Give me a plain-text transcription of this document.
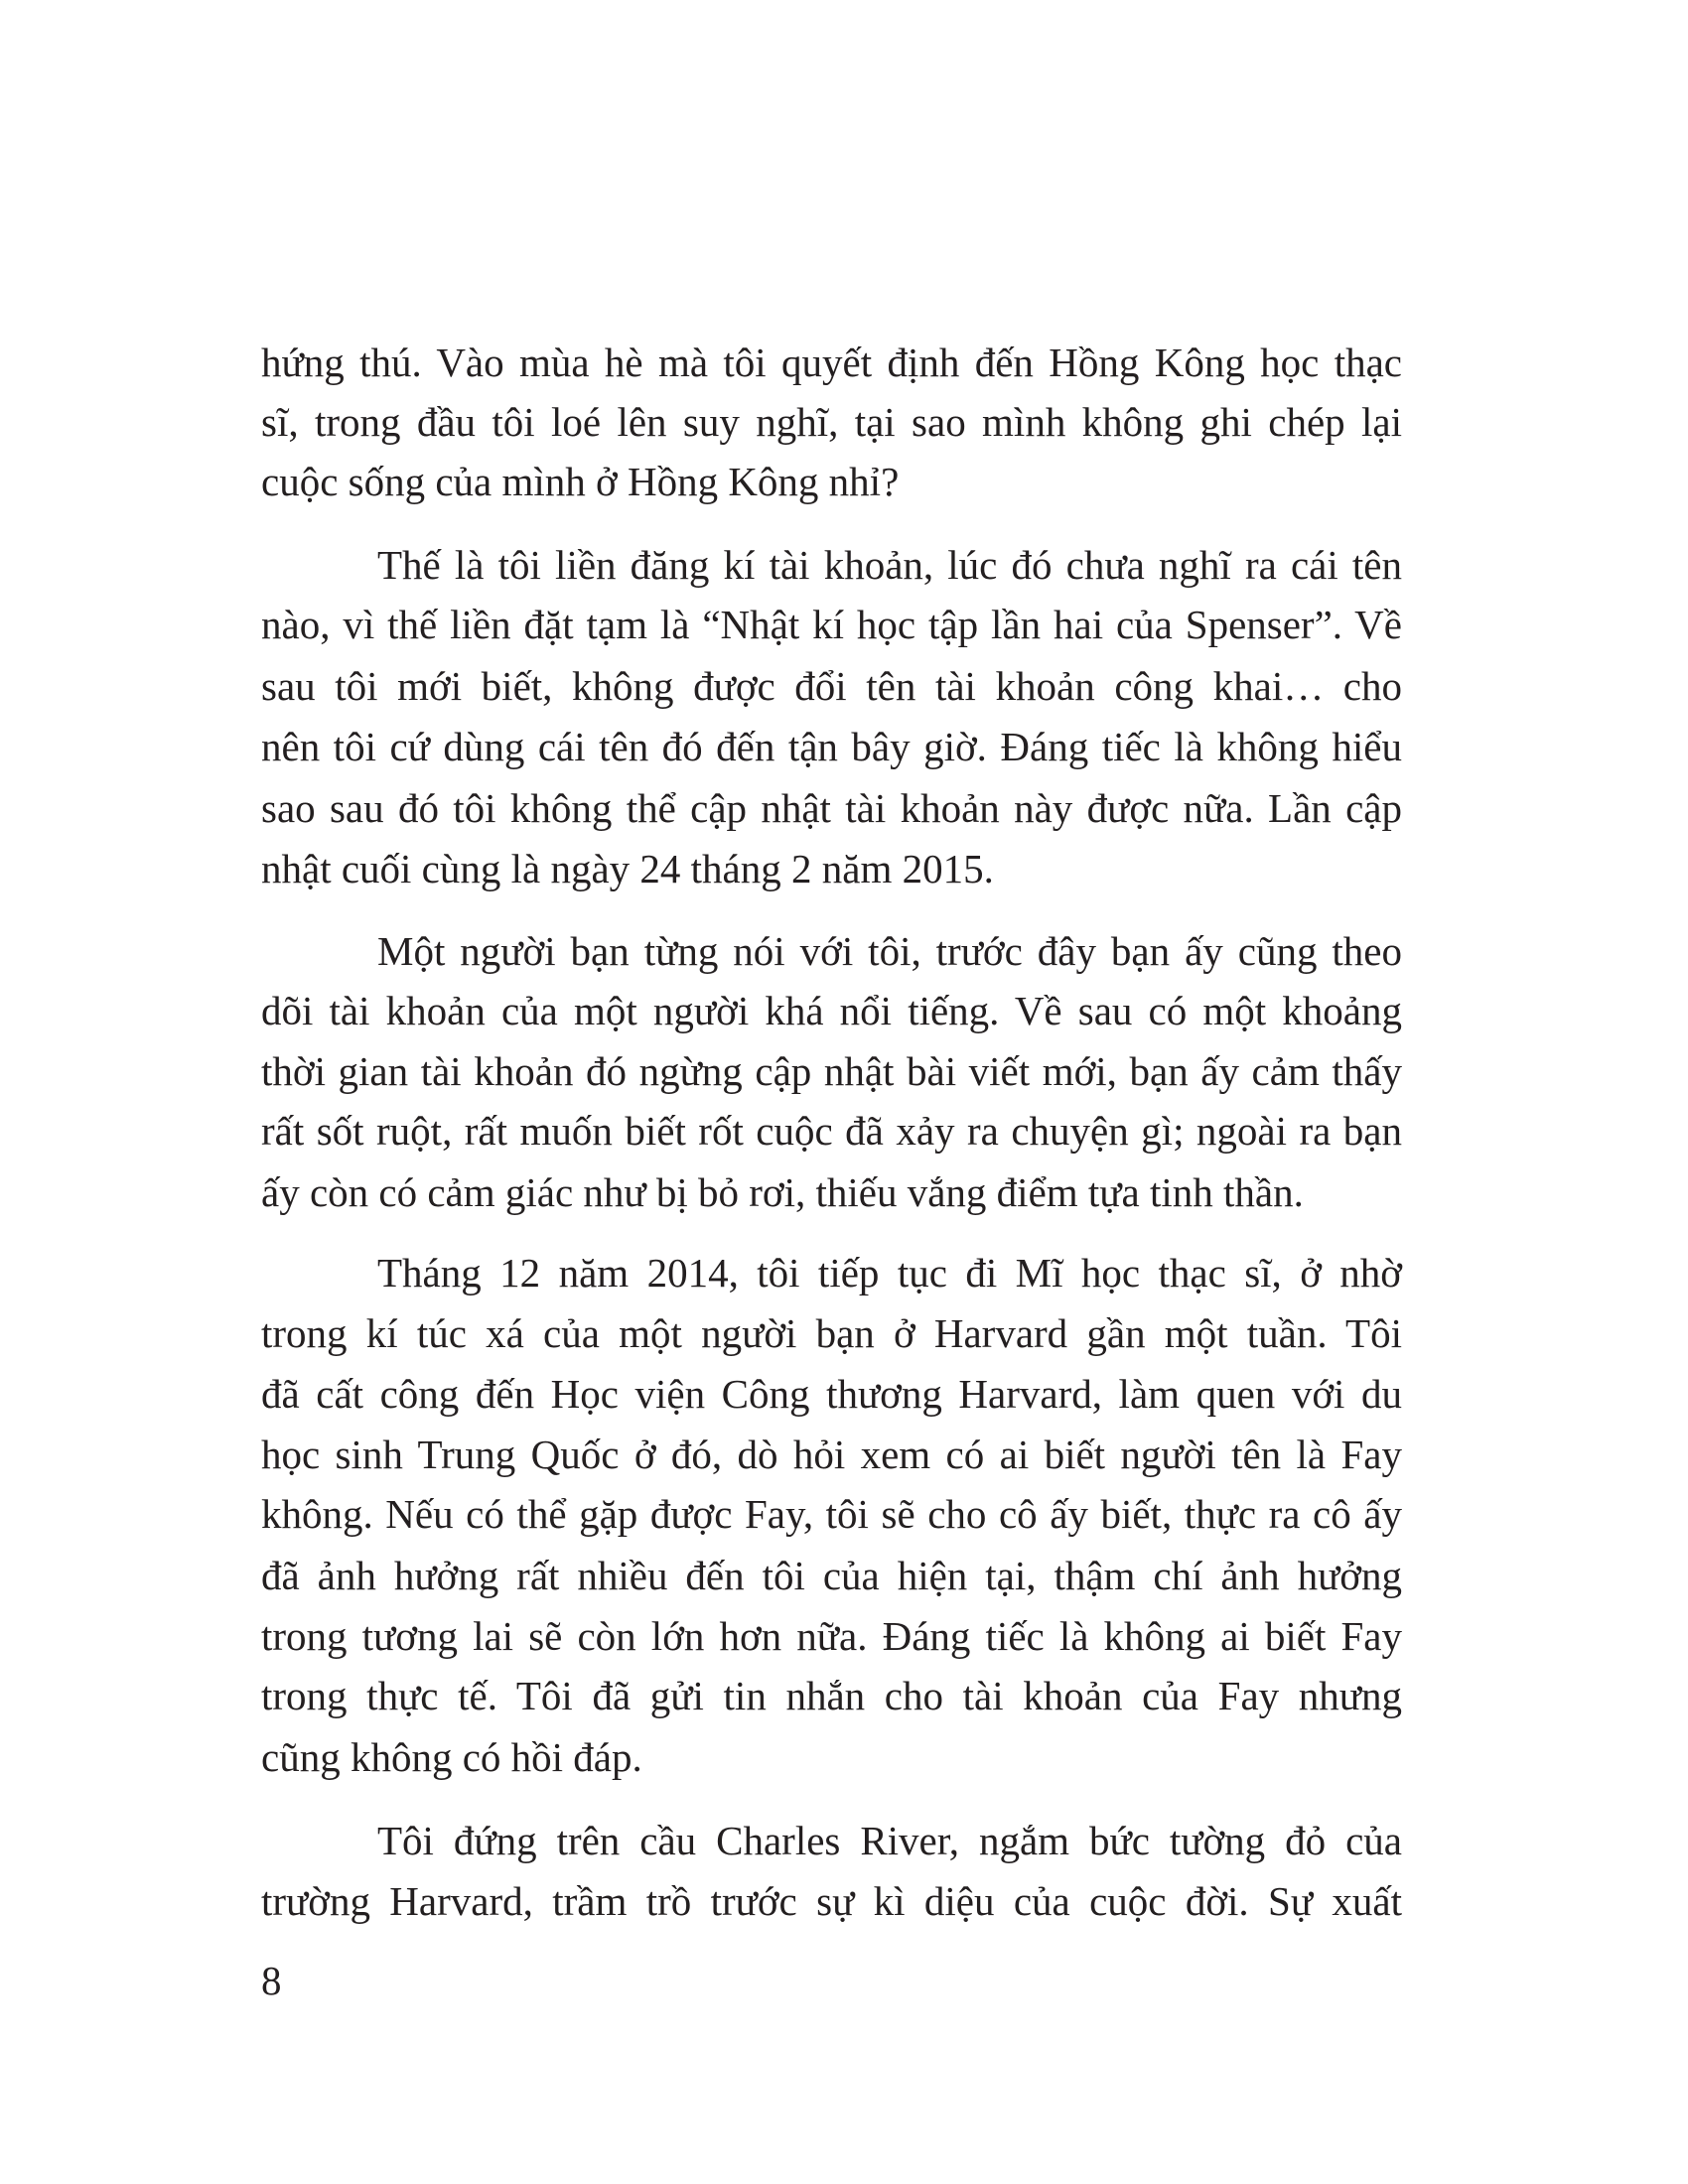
hứng thú. Vào mùa hè mà tôi quyết định đến Hồng Kông học thạc
sĩ, trong đầu tôi loé lên suy nghĩ, tại sao mình không ghi chép lại
cuộc sống của mình ở Hồng Kông nhỉ?
Thế là tôi liền đăng kí tài khoản, lúc đó chưa nghĩ ra cái tên
nào, vì thế liền đặt tạm là “Nhật kí học tập lần hai của Spenser”. Về
sau tôi mới biết, không được đổi tên tài khoản công khai… cho
nên tôi cứ dùng cái tên đó đến tận bây giờ. Đáng tiếc là không hiểu
sao sau đó tôi không thể cập nhật tài khoản này được nữa. Lần cập
nhật cuối cùng là ngày 24 tháng 2 năm 2015.
Một người bạn từng nói với tôi, trước đây bạn ấy cũng theo
dõi tài khoản của một người khá nổi tiếng. Về sau có một khoảng
thời gian tài khoản đó ngừng cập nhật bài viết mới, bạn ấy cảm thấy
rất sốt ruột, rất muốn biết rốt cuộc đã xảy ra chuyện gì; ngoài ra bạn
ấy còn có cảm giác như bị bỏ rơi, thiếu vắng điểm tựa tinh thần.
Tháng 12 năm 2014, tôi tiếp tục đi Mĩ học thạc sĩ, ở nhờ
trong kí túc xá của một người bạn ở Harvard gần một tuần. Tôi
đã cất công đến Học viện Công thương Harvard, làm quen với du
học sinh Trung Quốc ở đó, dò hỏi xem có ai biết người tên là Fay
không. Nếu có thể gặp được Fay, tôi sẽ cho cô ấy biết, thực ra cô ấy
đã ảnh hưởng rất nhiều đến tôi của hiện tại, thậm chí ảnh hưởng
trong tương lai sẽ còn lớn hơn nữa. Đáng tiếc là không ai biết Fay
trong thực tế. Tôi đã gửi tin nhắn cho tài khoản của Fay nhưng
cũng không có hồi đáp.
Tôi đứng trên cầu Charles River, ngắm bức tường đỏ của
trường Harvard, trầm trồ trước sự kì diệu của cuộc đời. Sự xuất
8
